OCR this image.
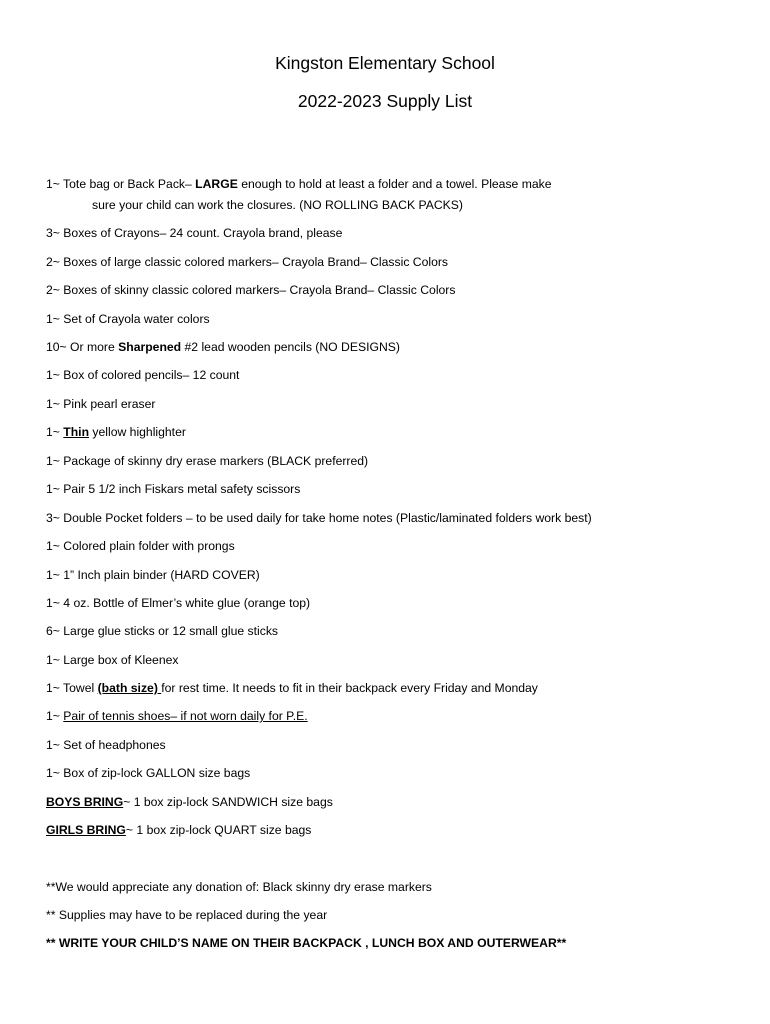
Kingston Elementary School
2022-2023 Supply List
1~ Tote bag or Back Pack– LARGE enough to hold at least a folder and a towel. Please make
sure your child can work the closures. (NO ROLLING BACK PACKS)
3~ Boxes of Crayons– 24 count. Crayola brand, please
2~ Boxes of large classic colored markers– Crayola Brand– Classic Colors
2~ Boxes of skinny classic colored markers– Crayola Brand– Classic Colors
1~ Set of Crayola water colors
10~ Or more Sharpened #2 lead wooden pencils (NO DESIGNS)
1~ Box of colored pencils– 12 count
1~ Pink pearl eraser
1~ Thin yellow highlighter
1~ Package of skinny dry erase markers (BLACK preferred)
1~ Pair 5 1/2 inch Fiskars metal safety scissors
3~ Double Pocket folders – to be used daily for take home notes (Plastic/laminated folders work best)
1~ Colored plain folder with prongs
1~ 1” Inch plain binder (HARD COVER)
1~ 4 oz. Bottle of Elmer’s white glue (orange top)
6~ Large glue sticks or 12 small glue sticks
1~ Large box of Kleenex
1~ Towel (bath size) for rest time. It needs to fit in their backpack every Friday and Monday
1~ Pair of tennis shoes– if not worn daily for P.E.
1~ Set of headphones
1~ Box of zip-lock GALLON size bags
BOYS BRING~ 1 box zip-lock SANDWICH size bags
GIRLS BRING~ 1 box zip-lock QUART size bags
**We would appreciate any donation of: Black skinny dry erase markers
** Supplies may have to be replaced during the year
** WRITE YOUR CHILD’S NAME ON THEIR BACKPACK , LUNCH BOX AND OUTERWEAR**
